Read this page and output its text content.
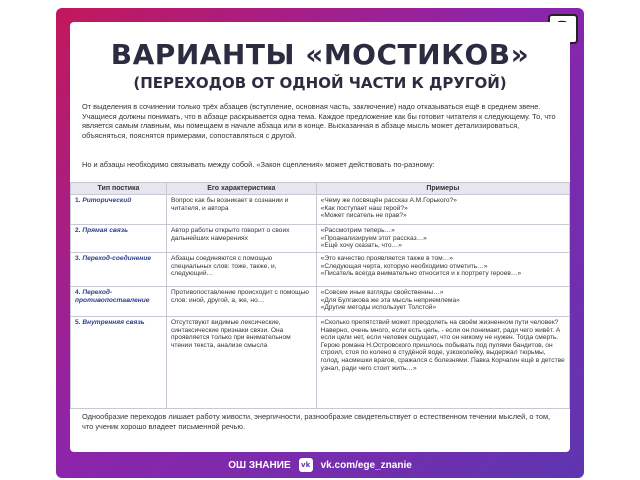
ВАРИАНТЫ «МОСТИКОВ»
(ПЕРЕХОДОВ ОТ ОДНОЙ ЧАСТИ К ДРУГОЙ)

От выделения в сочинении только трёх абзацев (вступление, основная часть, заключение) надо отказываться ещё в среднем звене. Учащиеся должны понимать, что в абзаце раскрывается одна тема. Каждое предложение как бы готовит читателя к следующему. То, что является самым главным, мы помещаем в начале абзаца или в конце. Высказанная в абзаце мысль может детализироваться, объясняться, пояснятся примерами, сопоставляться с другой.

Но и абзацы необходимо связывать между собой. «Закон сцепления» может действовать по-разному:

Тип постика	Его характеристика	Примеры
1. Риторический	Вопрос как бы возникает в сознании и читателя, и автора	«Чему же посвящён рассказ А.М.Горького?»
«Как поступает наш герой?»
«Может писатель не прав?»

2. Прямая связь	Автор работы открыто говорит о своих дальнейших намерениях	«Рассмотрим теперь…»
«Проанализируем этот рассказ…»
«Ещё хочу сказать, что…»

3. Переход-соединение	Абзацы соединяются с помощью специальных слов: тоже, также, и, следующий…	«Это качество проявляется также в том…»
«Следующая черта, которую необходимо отметить…»
«Писатель всегда внимательно относится и к портрету героев…»

4. Переход-противопоставление	Противопоставление происходит с помощью слов: иной, другой, а, же, но…	«Совсем иные взгляды свойственны…»
«Для Булгакова же эта мысль неприемлема»
«Другие методы использует Толстой»

5. Внутренняя связь	Отсутствуют видимые лексические, синтаксические признаки связи. Она проявляется только при внимательном чтении текста, анализе смысла	«Сколько препятствий может преодолеть на своём жизненном пути человек? Наверно, очень много, если есть цель, - если он понимает, ради чего живёт. А если цели нет, если человек ощущает, что он никому не нужен. Тогда смерть. Герою романа Н.Островского пришлось побывать под пулями бандитов, он строил, стоя по колено в студёной воде, узкоколейку, выдержал тюрьмы, голод, насмешки врагов, сражался с болезнями. Павка Корчагин ещё в детстве узнал, ради чего стоит жить…»

Однообразие переходов лишает работу живости, энергичности, разнообразие свидетельствует о естественном течении мыслей, о том, что ученик хорошо владеет письменной речью.

ОШ ЗНАНИЕ	vk vk.com/ege_znanie
